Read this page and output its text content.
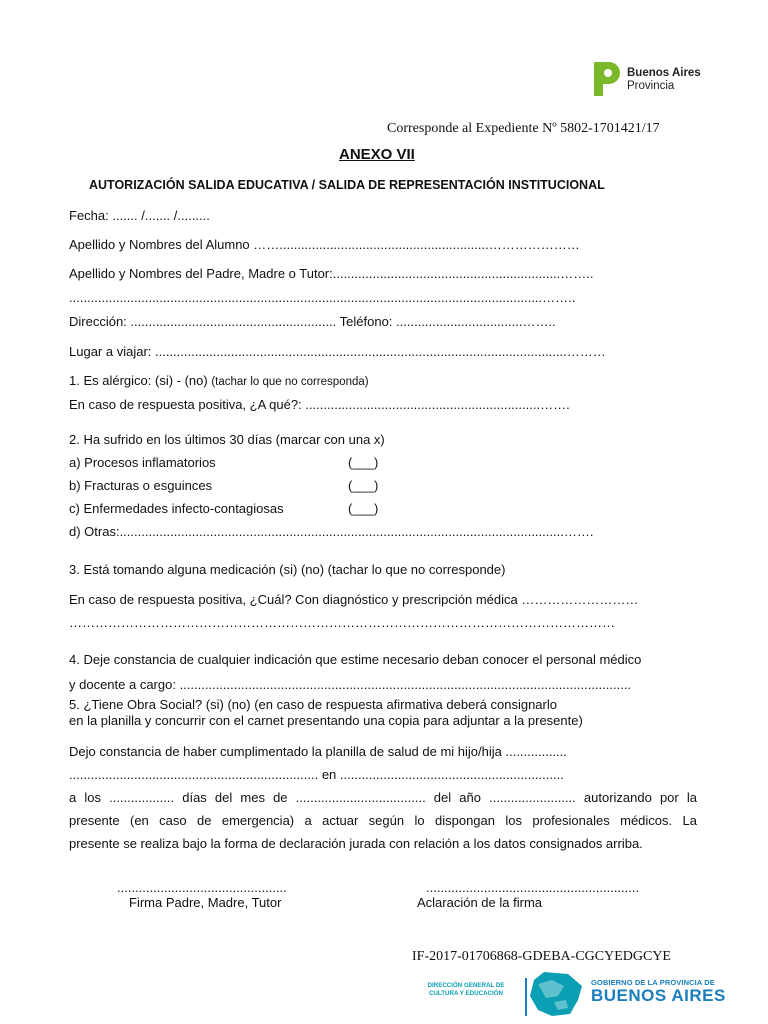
Buenos Aires
Provincia
Corresponde al Expediente Nº 5802-1701421/17
ANEXO VII
AUTORIZACIÓN SALIDA EDUCATIVA / SALIDA DE REPRESENTACIÓN INSTITUCIONAL
Fecha: ....... /....... /.........
Apellido y Nombres del Alumno ……..........................................................…………………
Apellido y Nombres del Padre, Madre o Tutor:...............................................................……..
...................................................................................................................................……..
Dirección: ......................................................... Teléfono: ...................................……..
Lugar a viajar: ..................................................................................................................………
1. Es alérgico: (si) - (no) (tachar lo que no corresponda)
En caso de respuesta positiva, ¿A qué?: .................................................................…….
2. Ha sufrido en los últimos 30 días (marcar con una x)
a) Procesos inflamatorios	(___)
b) Fracturas o esguinces	(___)
c) Enfermedades infecto-contagiosas	(___)
d) Otras:...........................................................................................................................…….
3. Está tomando alguna medicación (si) (no) (tachar lo que no corresponde)
En caso de respuesta positiva, ¿Cuál? Con diagnóstico y prescripción médica ………………………
………………………………………………………………………………………………………………
4. Deje constancia de cualquier indicación que estime necesario deban conocer el personal médico
y docente a cargo: .............................................................................................................................
5. ¿Tiene Obra Social? (si) (no) (en caso de respuesta afirmativa deberá consignarlo
en la planilla y concurrir con el carnet presentando una copia para adjuntar a la presente)
Dejo constancia de haber cumplimentado la planilla de salud de mi hijo/hija .................
..................................................................... en ..............................................................
a los .................. días del mes de .................................... del año ........................ autorizando por la
presente (en caso de emergencia) a actuar según lo dispongan los profesionales médicos. La
presente se realiza bajo la forma de declaración jurada con relación a los datos consignados arriba.
...............................................
Firma Padre, Madre, Tutor
...........................................................
Aclaración de la firma
IF-2017-01706868-GDEBA-CGCYEDGCYE
DIRECCIÓN GENERAL DE
CULTURA Y EDUCACIÓN
GOBIERNO DE LA PROVINCIA DE
BUENOS AIRES
